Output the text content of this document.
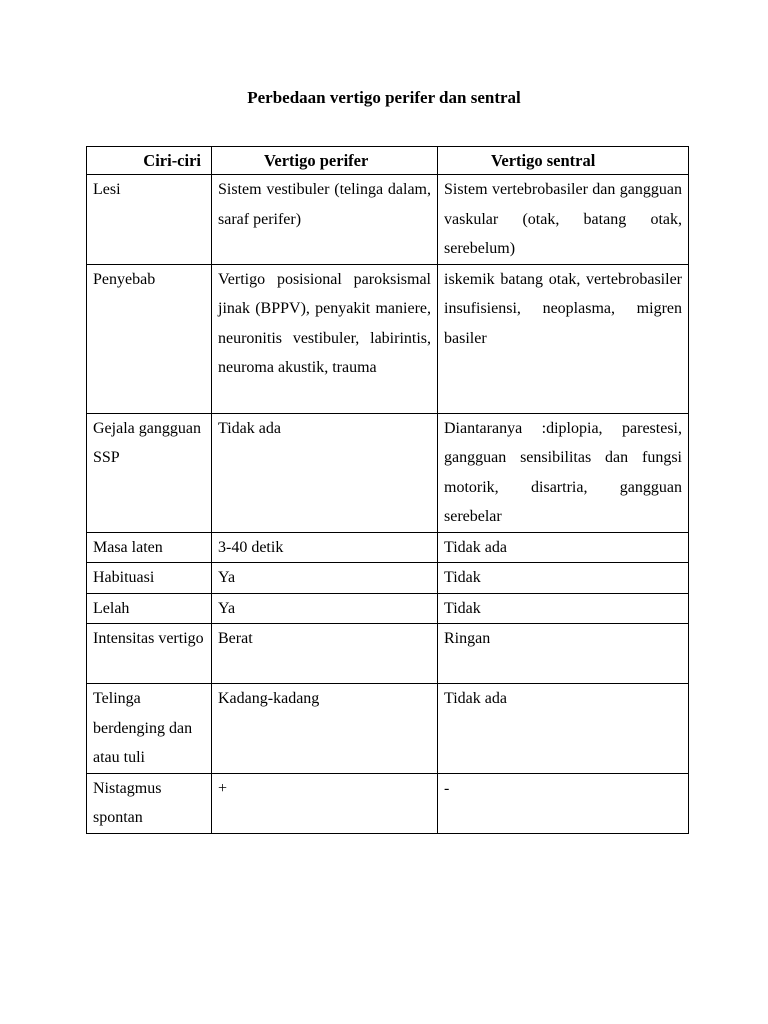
Perbedaan vertigo perifer dan sentral
Ciri-ciri	Vertigo perifer	Vertigo sentral
Lesi	Sistem vestibuler (telinga dalam, saraf perifer)	Sistem vertebrobasiler dan gangguan vaskular (otak, batang otak, serebelum)
Penyebab	Vertigo posisional paroksismal jinak (BPPV), penyakit maniere, neuronitis vestibuler, labirintis, neuroma akustik, trauma	iskemik batang otak, vertebrobasiler insufisiensi, neoplasma, migren basiler
Gejala gangguan SSP	Tidak ada	Diantaranya :diplopia, parestesi, gangguan sensibilitas dan fungsi motorik, disartria, gangguan serebelar
Masa laten	3-40 detik	Tidak ada
Habituasi	Ya	Tidak
Lelah	Ya	Tidak
Intensitas vertigo	Berat	Ringan
Telinga berdenging dan atau tuli	Kadang-kadang	Tidak ada
Nistagmus spontan	+	-
